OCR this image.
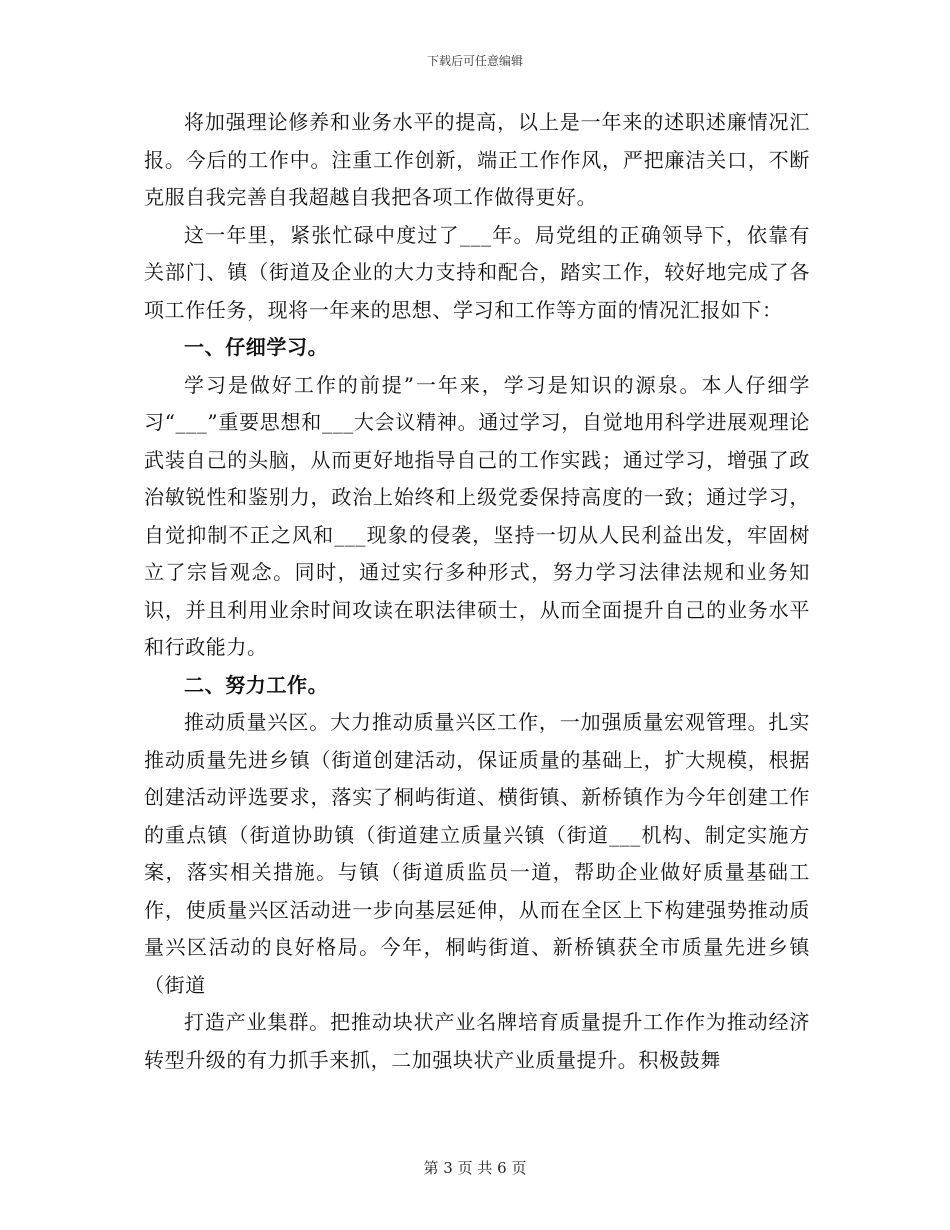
下载后可任意编辑

将加强理论修养和业务水平的提高，以上是一年来的述职述廉情况汇报。今后的工作中。注重工作创新，端正工作作风，严把廉洁关口，不断克服自我完善自我超越自我把各项工作做得更好。

这一年里，紧张忙碌中度过了___年。局党组的正确领导下，依靠有关部门、镇（街道及企业的大力支持和配合，踏实工作，较好地完成了各项工作任务，现将一年来的思想、学习和工作等方面的情况汇报如下：

一、仔细学习。

学习是做好工作的前提”一年来，学习是知识的源泉。本人仔细学习“___”重要思想和___大会议精神。通过学习，自觉地用科学进展观理论武装自己的头脑，从而更好地指导自己的工作实践；通过学习，增强了政治敏锐性和鉴别力，政治上始终和上级党委保持高度的一致；通过学习，自觉抑制不正之风和___现象的侵袭，坚持一切从人民利益出发，牢固树立了宗旨观念。同时，通过实行多种形式，努力学习法律法规和业务知识，并且利用业余时间攻读在职法律硕士，从而全面提升自己的业务水平和行政能力。

二、努力工作。

推动质量兴区。大力推动质量兴区工作，一加强质量宏观管理。扎实推动质量先进乡镇（街道创建活动，保证质量的基础上，扩大规模，根据创建活动评选要求，落实了桐屿街道、横街镇、新桥镇作为今年创建工作的重点镇（街道协助镇（街道建立质量兴镇（街道___机构、制定实施方案，落实相关措施。与镇（街道质监员一道，帮助企业做好质量基础工作，使质量兴区活动进一步向基层延伸，从而在全区上下构建强势推动质量兴区活动的良好格局。今年，桐屿街道、新桥镇获全市质量先进乡镇（街道

打造产业集群。把推动块状产业名牌培育质量提升工作作为推动经济转型升级的有力抓手来抓，二加强块状产业质量提升。积极鼓舞

第 3 页 共 6 页
